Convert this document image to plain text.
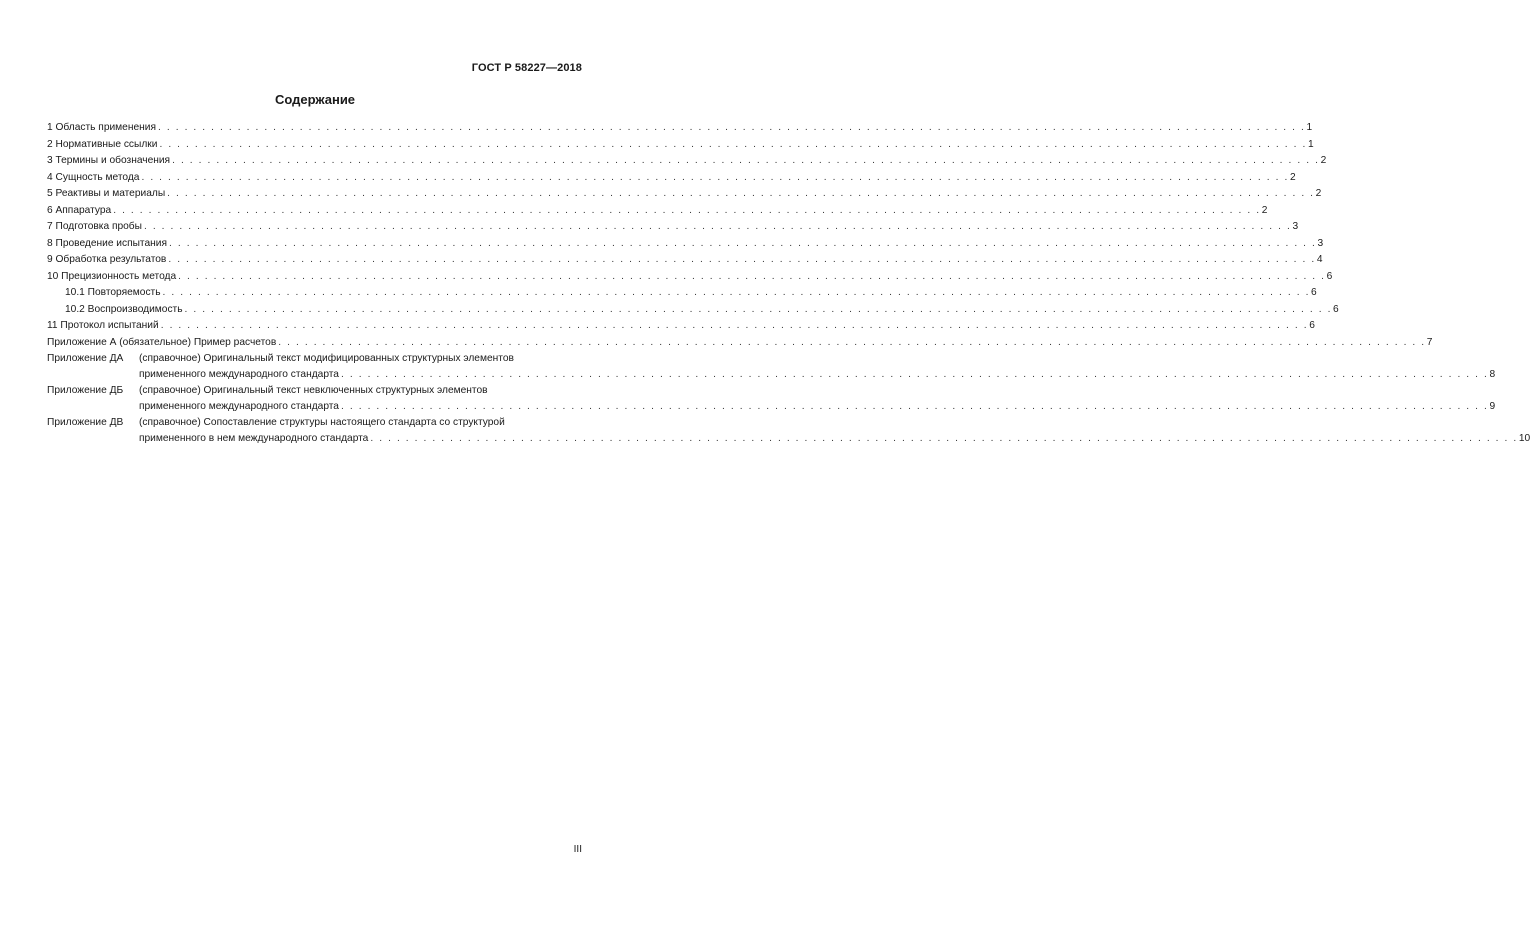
ГОСТ Р 58227—2018
Содержание
1 Область применения . . .	1
2 Нормативные ссылки . . .	1
3 Термины и обозначения . . .	2
4 Сущность метода . . .	2
5 Реактивы и материалы . . .	2
6 Аппаратура . . .	2
7 Подготовка пробы . . .	3
8 Проведение испытания . . .	3
9 Обработка результатов . . .	4
10 Прецизионность метода . . .	6
10.1 Повторяемость . . .	6
10.2 Воспроизводимость . . .	6
11 Протокол испытаний . . .	6
Приложение А (обязательное) Пример расчетов . . .	7
Приложение ДА	(справочное) Оригинальный текст модифицированных структурных элементов
примененного международного стандарта . . .	8
Приложение ДБ	(справочное) Оригинальный текст невключенных структурных элементов
примененного международного стандарта . . .	9
Приложение ДВ	(справочное) Сопоставление структуры настоящего стандарта со структурой
примененного в нем международного стандарта . . .	10
III
